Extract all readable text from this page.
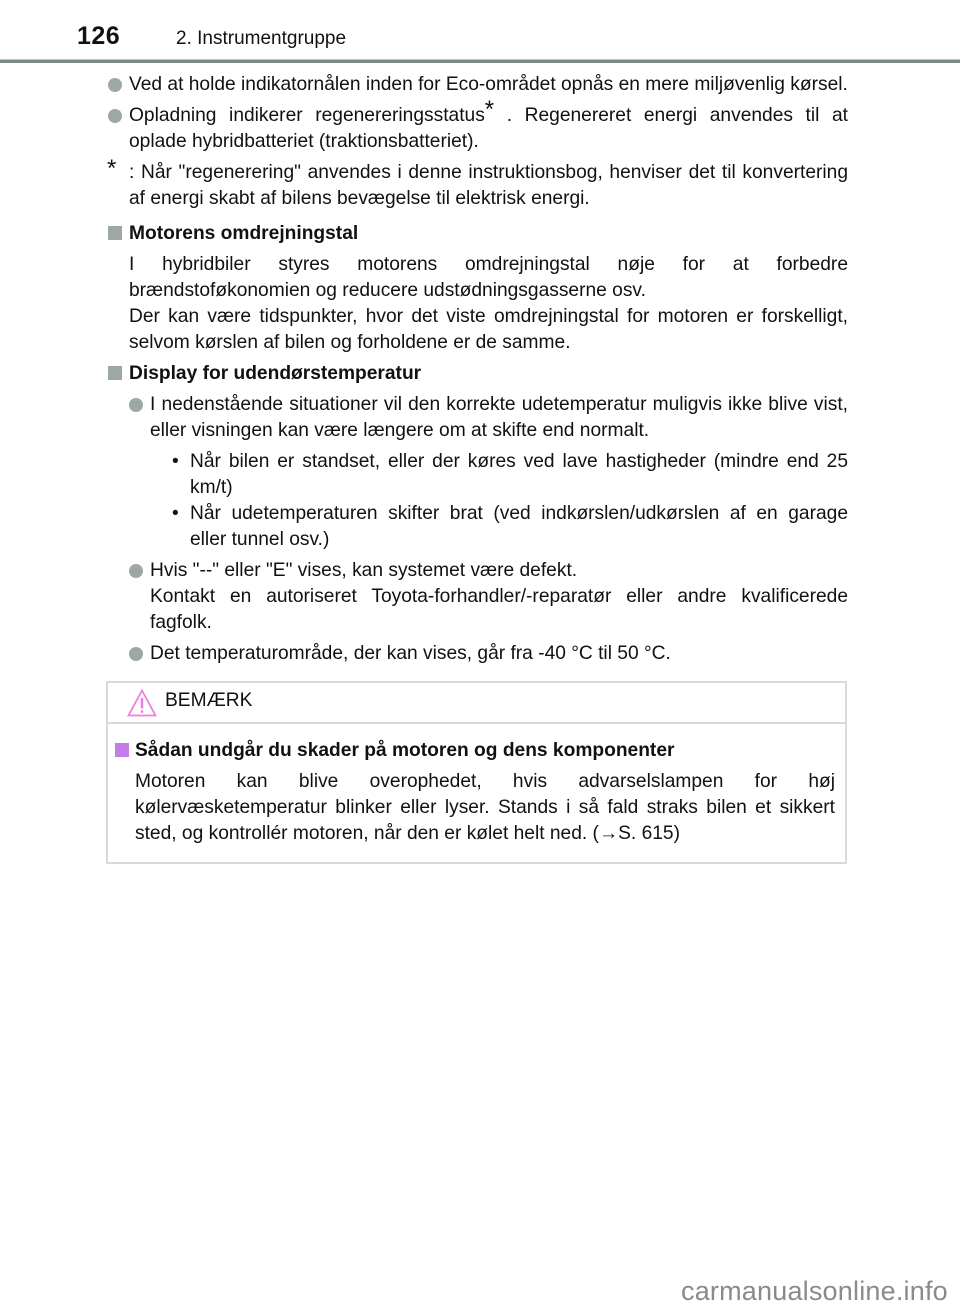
126	2. Instrumentgruppe
Ved at holde indikatornålen inden for Eco-området opnås en mere miljøvenlig kørsel.
Opladning indikerer regenereringsstatus* . Regenereret energi anvendes til at oplade hybridbatteriet (traktionsbatteriet).
* : Når "regenerering" anvendes i denne instruktionsbog, henviser det til konvertering af energi skabt af bilens bevægelse til elektrisk energi.
Motorens omdrejningstal
I hybridbiler styres motorens omdrejningstal nøje for at forbedre brændstoføkonomien og reducere udstødningsgasserne osv.
Der kan være tidspunkter, hvor det viste omdrejningstal for motoren er forskelligt, selvom kørslen af bilen og forholdene er de samme.
Display for udendørstemperatur
I nedenstående situationer vil den korrekte udetemperatur muligvis ikke blive vist, eller visningen kan være længere om at skifte end normalt.
• Når bilen er standset, eller der køres ved lave hastigheder (mindre end 25 km/t)
• Når udetemperaturen skifter brat (ved indkørslen/udkørslen af en garage eller tunnel osv.)
Hvis "--" eller "E" vises, kan systemet være defekt.
Kontakt en autoriseret Toyota-forhandler/-reparatør eller andre kvalificerede fagfolk.
Det temperaturområde, der kan vises, går fra -40 °C til 50 °C.
BEMÆRK
Sådan undgår du skader på motoren og dens komponenter
Motoren kan blive overophedet, hvis advarselslampen for høj kølervæsketemperatur blinker eller lyser. Stands i så fald straks bilen et sikkert sted, og kontrollér motoren, når den er kølet helt ned. (→S. 615)
carmanualsonline.info
